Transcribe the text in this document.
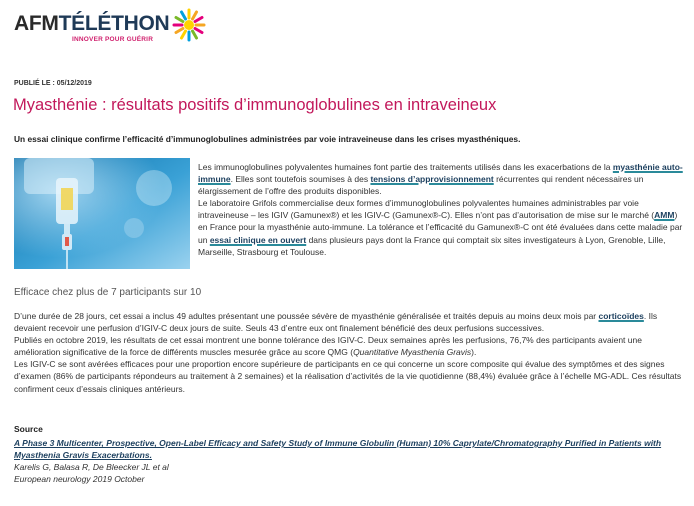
AFMTÉLÉTHON
INNOVER POUR GUÉRIR
PUBLIÉ LE : 05/12/2019
Myasthénie : résultats positifs d’immunoglobulines en intraveineux
Un essai clinique confirme l’efficacité d’immunoglobulines administrées par voie intraveineuse dans les crises myasthéniques.

Les immunoglobulines polyvalentes humaines font partie des traitements utilisés dans les exacerbations de la myasthénie auto-immune. Elles sont toutefois soumises à des tensions d’approvisionnement récurrentes qui rendent nécessaires un élargissement de l’offre des produits disponibles.

Le laboratoire Grifols commercialise deux formes d’immunoglobulines polyvalentes humaines administrables par voie intraveineuse – les IGIV (Gamunex®) et les IGIV-C (Gamunex®-C). Elles n’ont pas d’autorisation de mise sur le marché (AMM) en France pour la myasthénie auto-immune. La tolérance et l’efficacité du Gamunex®-C ont été évaluées dans cette maladie par un essai clinique en ouvert dans plusieurs pays dont la France qui comptait six sites investigateurs à Lyon, Grenoble, Lille, Marseille, Strasbourg et Toulouse.

Efficace chez plus de 7 participants sur 10

D’une durée de 28 jours, cet essai a inclus 49 adultes présentant une poussée sévère de myasthénie généralisée et traités depuis au moins deux mois par corticoïdes. Ils devaient recevoir une perfusion d’IGIV-C deux jours de suite. Seuls 43 d’entre eux ont finalement bénéficié des deux perfusions successives.

Publiés en octobre 2019, les résultats de cet essai montrent une bonne tolérance des IGIV-C. Deux semaines après les perfusions, 76,7% des participants avaient une amélioration significative de la force de différents muscles mesurée grâce au score QMG (Quantitative Myasthenia Gravis).

Les IGIV-C se sont avérées efficaces pour une proportion encore supérieure de participants en ce qui concerne un score composite qui évalue des symptômes et des signes d’examen (86% de participants répondeurs au traitement à 2 semaines) et la réalisation d’activités de la vie quotidienne (88,4%) évaluée grâce à l’échelle MG-ADL. Ces résultats confirment ceux d’essais cliniques antérieurs.

Source
A Phase 3 Multicenter, Prospective, Open-Label Efficacy and Safety Study of Immune Globulin (Human) 10% Caprylate/Chromatography Purified in Patients with Myasthenia Gravis Exacerbations.
Karelis G, Balasa R, De Bleecker JL et al
European neurology 2019 October
